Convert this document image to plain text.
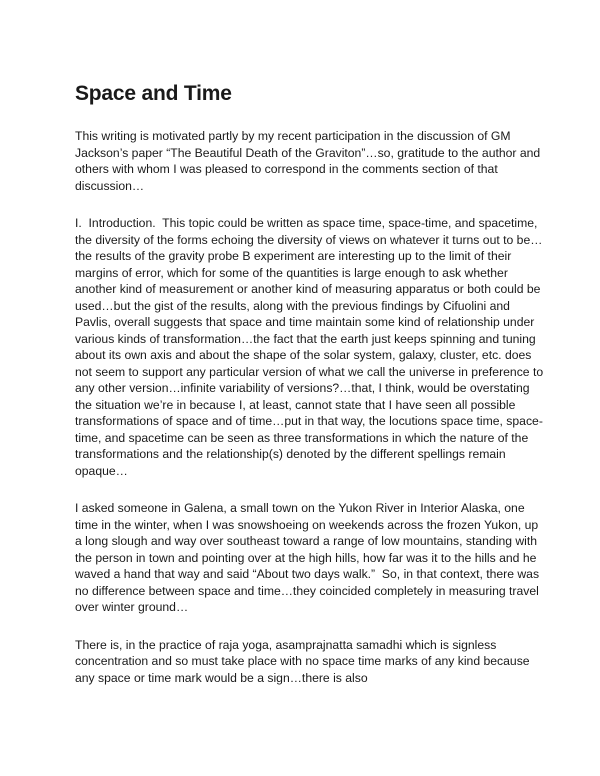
Space and Time

This writing is motivated partly by my recent participation in the discussion of GM Jackson’s paper “The Beautiful Death of the Graviton”…so, gratitude to the author and others with whom I was pleased to correspond in the comments section of that discussion…

I.  Introduction.  This topic could be written as space time, space-time, and spacetime, the diversity of the forms echoing the diversity of views on whatever it turns out to be…the results of the gravity probe B experiment are interesting up to the limit of their margins of error, which for some of the quantities is large enough to ask whether another kind of measurement or another kind of measuring apparatus or both could be used…but the gist of the results, along with the previous findings by Cifuolini and Pavlis, overall suggests that space and time maintain some kind of relationship under various kinds of transformation…the fact that the earth just keeps spinning and tuning about its own axis and about the shape of the solar system, galaxy, cluster, etc. does not seem to support any particular version of what we call the universe in preference to any other version…infinite variability of versions?…that, I think, would be overstating the situation we’re in because I, at least, cannot state that I have seen all possible transformations of space and of time…put in that way, the locutions space time, space-time, and spacetime can be seen as three transformations in which the nature of the transformations and the relationship(s) denoted by the different spellings remain opaque…

I asked someone in Galena, a small town on the Yukon River in Interior Alaska, one time in the winter, when I was snowshoeing on weekends across the frozen Yukon, up a long slough and way over southeast toward a range of low mountains, standing with the person in town and pointing over at the high hills, how far was it to the hills and he waved a hand that way and said “About two days walk.”  So, in that context, there was no difference between space and time…they coincided completely in measuring travel over winter ground…

There is, in the practice of raja yoga, asamprajnatta samadhi which is signless concentration and so must take place with no space time marks of any kind because any space or time mark would be a sign…there is also
